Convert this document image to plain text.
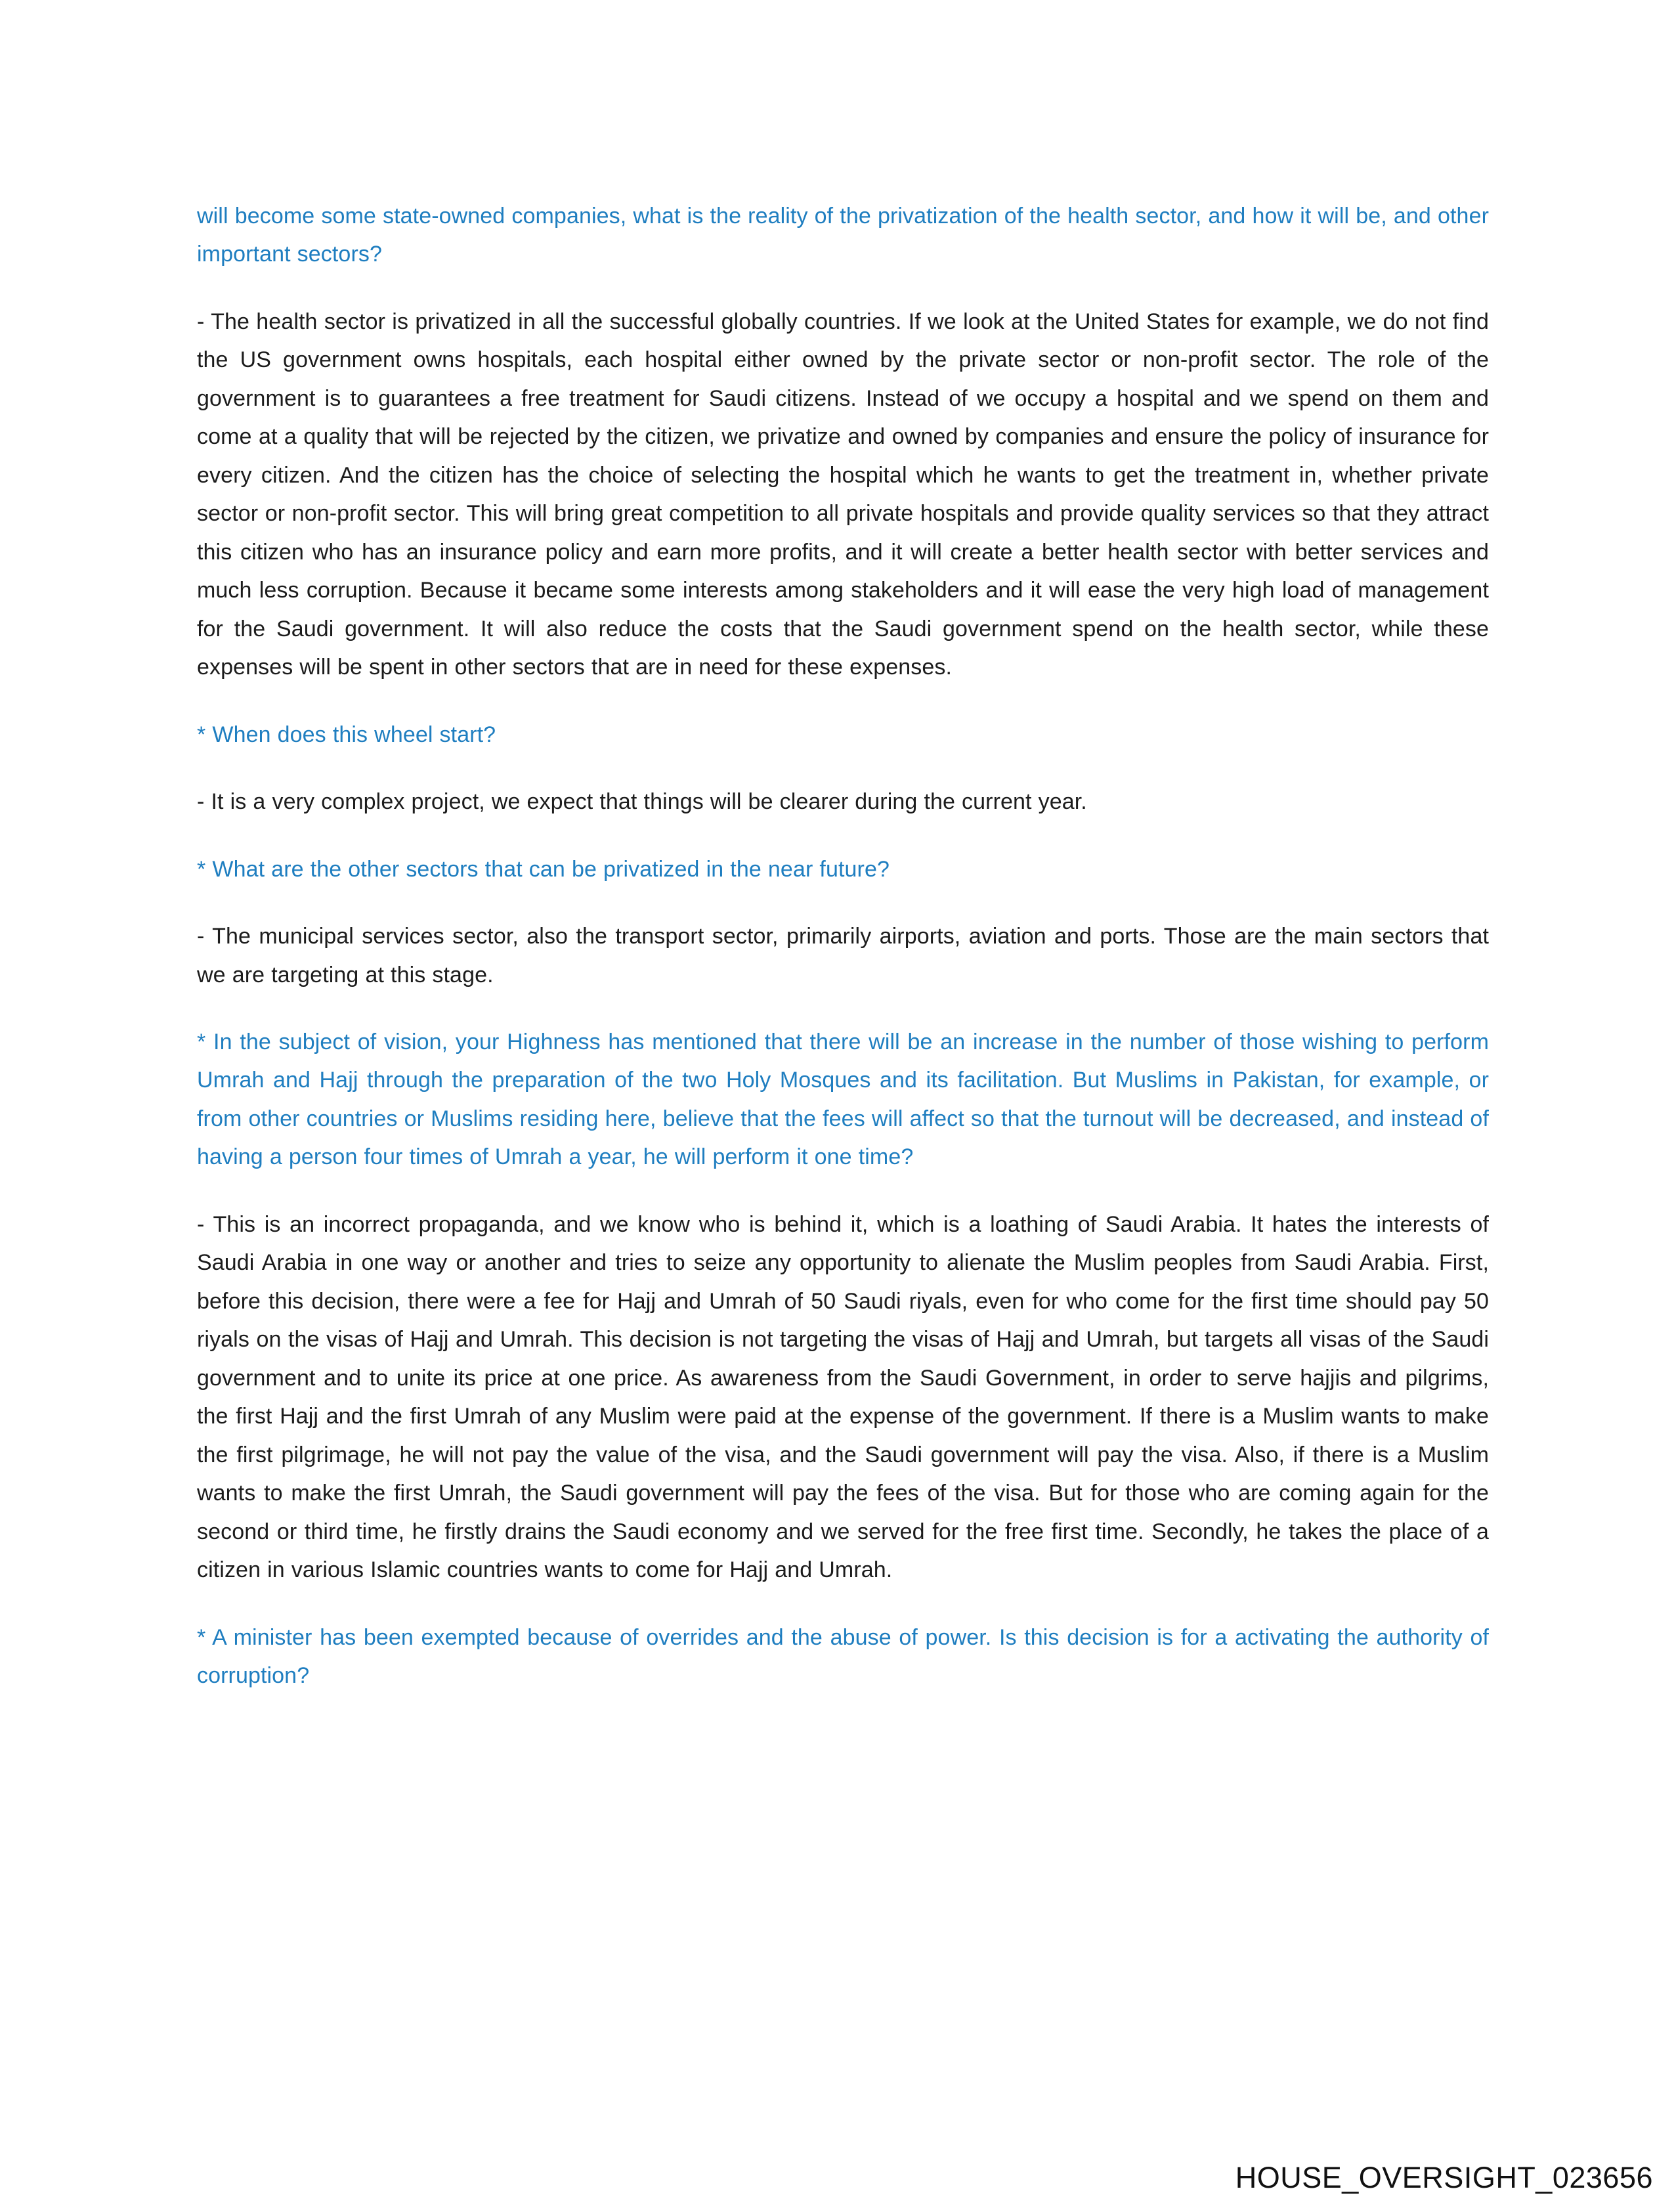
will become some state-owned companies, what is the reality of the privatization of the health sector, and how it will be, and other important sectors?

- The health sector is privatized in all the successful globally countries. If we look at the United States for example, we do not find the US government owns hospitals, each hospital either owned by the private sector or non-profit sector. The role of the government is to guarantees a free treatment for Saudi citizens. Instead of we occupy a hospital and we spend on them and come at a quality that will be rejected by the citizen, we privatize and owned by companies and ensure the policy of insurance for every citizen. And the citizen has the choice of selecting the hospital which he wants to get the treatment in, whether private sector or non-profit sector. This will bring great competition to all private hospitals and provide quality services so that they attract this citizen who has an insurance policy and earn more profits, and it will create a better health sector with better services and much less corruption. Because it became some interests among stakeholders and it will ease the very high load of management for the Saudi government. It will also reduce the costs that the Saudi government spend on the health sector, while these expenses will be spent in other sectors that are in need for these expenses.

* When does this wheel start?

- It is a very complex project, we expect that things will be clearer during the current year.

* What are the other sectors that can be privatized in the near future?

- The municipal services sector, also the transport sector, primarily airports, aviation and ports. Those are the main sectors that we are targeting at this stage.

* In the subject of vision, your Highness has mentioned that there will be an increase in the number of those wishing to perform Umrah and Hajj through the preparation of the two Holy Mosques and its facilitation. But Muslims in Pakistan, for example, or from other countries or Muslims residing here, believe that the fees will affect so that the turnout will be decreased, and instead of having a person four times of Umrah a year, he will perform it one time?

- This is an incorrect propaganda, and we know who is behind it, which is a loathing of Saudi Arabia. It hates the interests of Saudi Arabia in one way or another and tries to seize any opportunity to alienate the Muslim peoples from Saudi Arabia. First, before this decision, there were a fee for Hajj and Umrah of 50 Saudi riyals, even for who come for the first time should pay 50 riyals on the visas of Hajj and Umrah. This decision is not targeting the visas of Hajj and Umrah, but targets all visas of the Saudi government and to unite its price at one price. As awareness from the Saudi Government, in order to serve hajjis and pilgrims, the first Hajj and the first Umrah of any Muslim were paid at the expense of the government. If there is a Muslim wants to make the first pilgrimage, he will not pay the value of the visa, and the Saudi government will pay the visa. Also, if there is a Muslim wants to make the first Umrah, the Saudi government will pay the fees of the visa. But for those who are coming again for the second or third time, he firstly drains the Saudi economy and we served for the free first time. Secondly, he takes the place of a citizen in various Islamic countries wants to come for Hajj and Umrah.

* A minister has been exempted because of overrides and the abuse of power. Is this decision is for a activating the authority of corruption?

HOUSE_OVERSIGHT_023656
